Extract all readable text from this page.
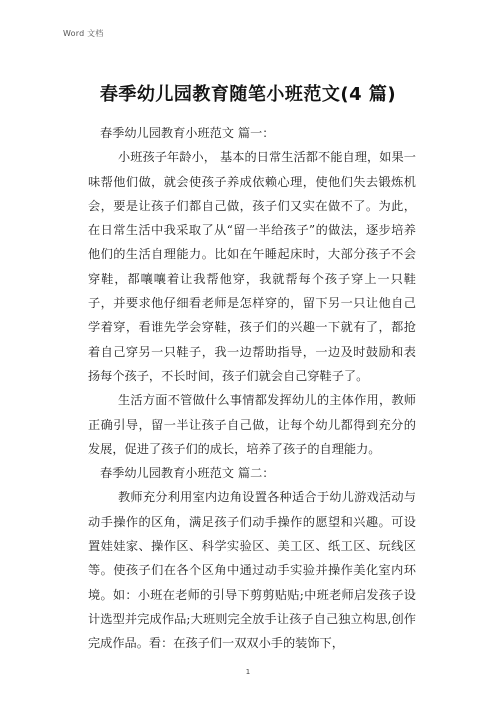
Word 文档
春季幼儿园教育随笔小班范文(4 篇)

春季幼儿园教育小班范文 篇一：

小班孩子年龄小， 基本的日常生活都不能自理，如果一味帮他们做，就会使孩子养成依赖心理，使他们失去锻炼机会，要是让孩子们都自己做，孩子们又实在做不了。为此，在日常生活中我采取了从“留一半给孩子”的做法，逐步培养他们的生活自理能力。比如在午睡起床时，大部分孩子不会穿鞋，都嚷嚷着让我帮他穿，我就帮每个孩子穿上一只鞋子，并要求他仔细看老师是怎样穿的，留下另一只让他自己学着穿，看谁先学会穿鞋，孩子们的兴趣一下就有了，都抢着自己穿另一只鞋子，我一边帮助指导，一边及时鼓励和表扬每个孩子，不长时间，孩子们就会自己穿鞋子了。

生活方面不管做什么事情都发挥幼儿的主体作用，教师正确引导，留一半让孩子自己做，让每个幼儿都得到充分的发展，促进了孩子们的成长，培养了孩子的自理能力。

春季幼儿园教育小班范文 篇二：

教师充分利用室内边角设置各种适合于幼儿游戏活动与动手操作的区角，满足孩子们动手操作的愿望和兴趣。可设置娃娃家、操作区、科学实验区、美工区、纸工区、玩线区等。使孩子们在各个区角中通过动手实验并操作美化室内环境。如：小班在老师的引导下剪剪贴贴;中班老师启发孩子设计选型并完成作品;大班则完全放手让孩子自己独立构思,创作完成作品。看：在孩子们一双双小手的装饰下，

1
